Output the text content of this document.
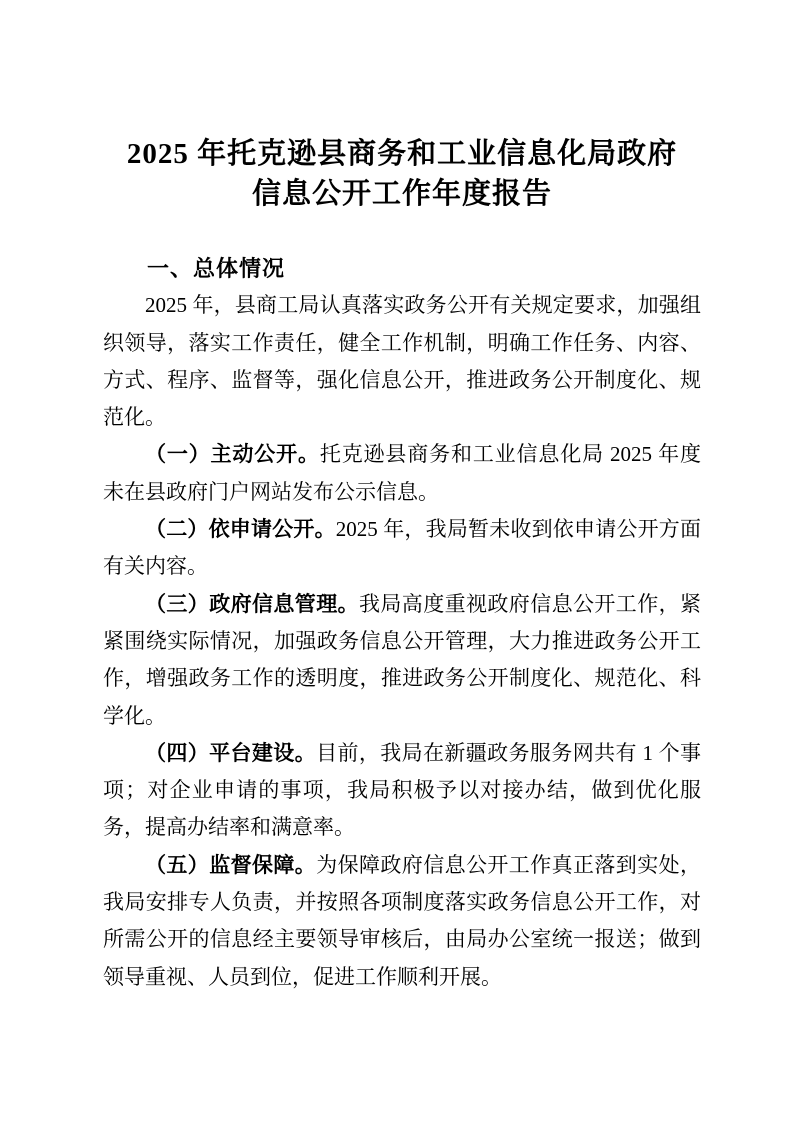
2025 年托克逊县商务和工业信息化局政府
信息公开工作年度报告
一、总体情况

2025 年，县商工局认真落实政务公开有关规定要求，加强组织领导，落实工作责任，健全工作机制，明确工作任务、内容、方式、程序、监督等，强化信息公开，推进政务公开制度化、规范化。

（一）主动公开。托克逊县商务和工业信息化局 2025 年度未在县政府门户网站发布公示信息。

（二）依申请公开。2025 年，我局暂未收到依申请公开方面有关内容。

（三）政府信息管理。我局高度重视政府信息公开工作，紧紧围绕实际情况，加强政务信息公开管理，大力推进政务公开工作，增强政务工作的透明度，推进政务公开制度化、规范化、科学化。

（四）平台建设。目前，我局在新疆政务服务网共有 1 个事项；对企业申请的事项，我局积极予以对接办结，做到优化服务，提高办结率和满意率。

（五）监督保障。为保障政府信息公开工作真正落到实处，我局安排专人负责，并按照各项制度落实政务信息公开工作，对所需公开的信息经主要领导审核后，由局办公室统一报送；做到领导重视、人员到位，促进工作顺利开展。
